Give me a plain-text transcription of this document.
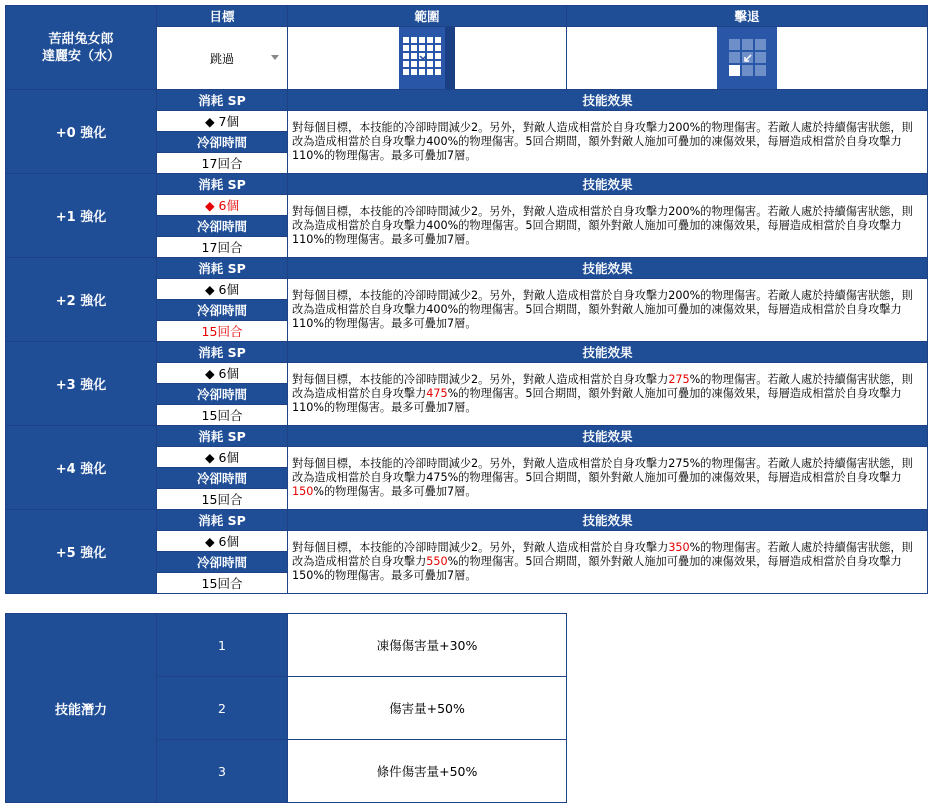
苦甜兔女郎
達麗安（水）
目標	範圍	擊退
跳過
+0 強化
消耗 SP	技能效果
◆ 7個	對每個目標，本技能的冷卻時間減少2。另外，對敵人造成相當於自身攻擊力200%的物理傷害。若敵人處於持續傷害狀態，則改為造成相當於自身攻擊力400%的物理傷害。5回合期間，額外對敵人施加可疊加的凍傷效果，每層造成相當於自身攻擊力110%的物理傷害。最多可疊加7層。
冷卻時間
17回合
+1 強化
消耗 SP	技能效果
◆ 6個	對每個目標，本技能的冷卻時間減少2。另外，對敵人造成相當於自身攻擊力200%的物理傷害。若敵人處於持續傷害狀態，則改為造成相當於自身攻擊力400%的物理傷害。5回合期間，額外對敵人施加可疊加的凍傷效果，每層造成相當於自身攻擊力110%的物理傷害。最多可疊加7層。
冷卻時間
17回合
+2 強化
消耗 SP	技能效果
◆ 6個	對每個目標，本技能的冷卻時間減少2。另外，對敵人造成相當於自身攻擊力200%的物理傷害。若敵人處於持續傷害狀態，則改為造成相當於自身攻擊力400%的物理傷害。5回合期間，額外對敵人施加可疊加的凍傷效果，每層造成相當於自身攻擊力110%的物理傷害。最多可疊加7層。
冷卻時間
15回合
+3 強化
消耗 SP	技能效果
◆ 6個	對每個目標，本技能的冷卻時間減少2。另外，對敵人造成相當於自身攻擊力275%的物理傷害。若敵人處於持續傷害狀態，則改為造成相當於自身攻擊力475%的物理傷害。5回合期間，額外對敵人施加可疊加的凍傷效果，每層造成相當於自身攻擊力110%的物理傷害。最多可疊加7層。
冷卻時間
15回合
+4 強化
消耗 SP	技能效果
◆ 6個	對每個目標，本技能的冷卻時間減少2。另外，對敵人造成相當於自身攻擊力275%的物理傷害。若敵人處於持續傷害狀態，則改為造成相當於自身攻擊力475%的物理傷害。5回合期間，額外對敵人施加可疊加的凍傷效果，每層造成相當於自身攻擊力150%的物理傷害。最多可疊加7層。
冷卻時間
15回合
+5 強化
消耗 SP	技能效果
◆ 6個	對每個目標，本技能的冷卻時間減少2。另外，對敵人造成相當於自身攻擊力350%的物理傷害。若敵人處於持續傷害狀態，則改為造成相當於自身攻擊力550%的物理傷害。5回合期間，額外對敵人施加可疊加的凍傷效果，每層造成相當於自身攻擊力150%的物理傷害。最多可疊加7層。
冷卻時間
15回合
技能潛力
1	凍傷傷害量+30%
2	傷害量+50%
3	條件傷害量+50%
